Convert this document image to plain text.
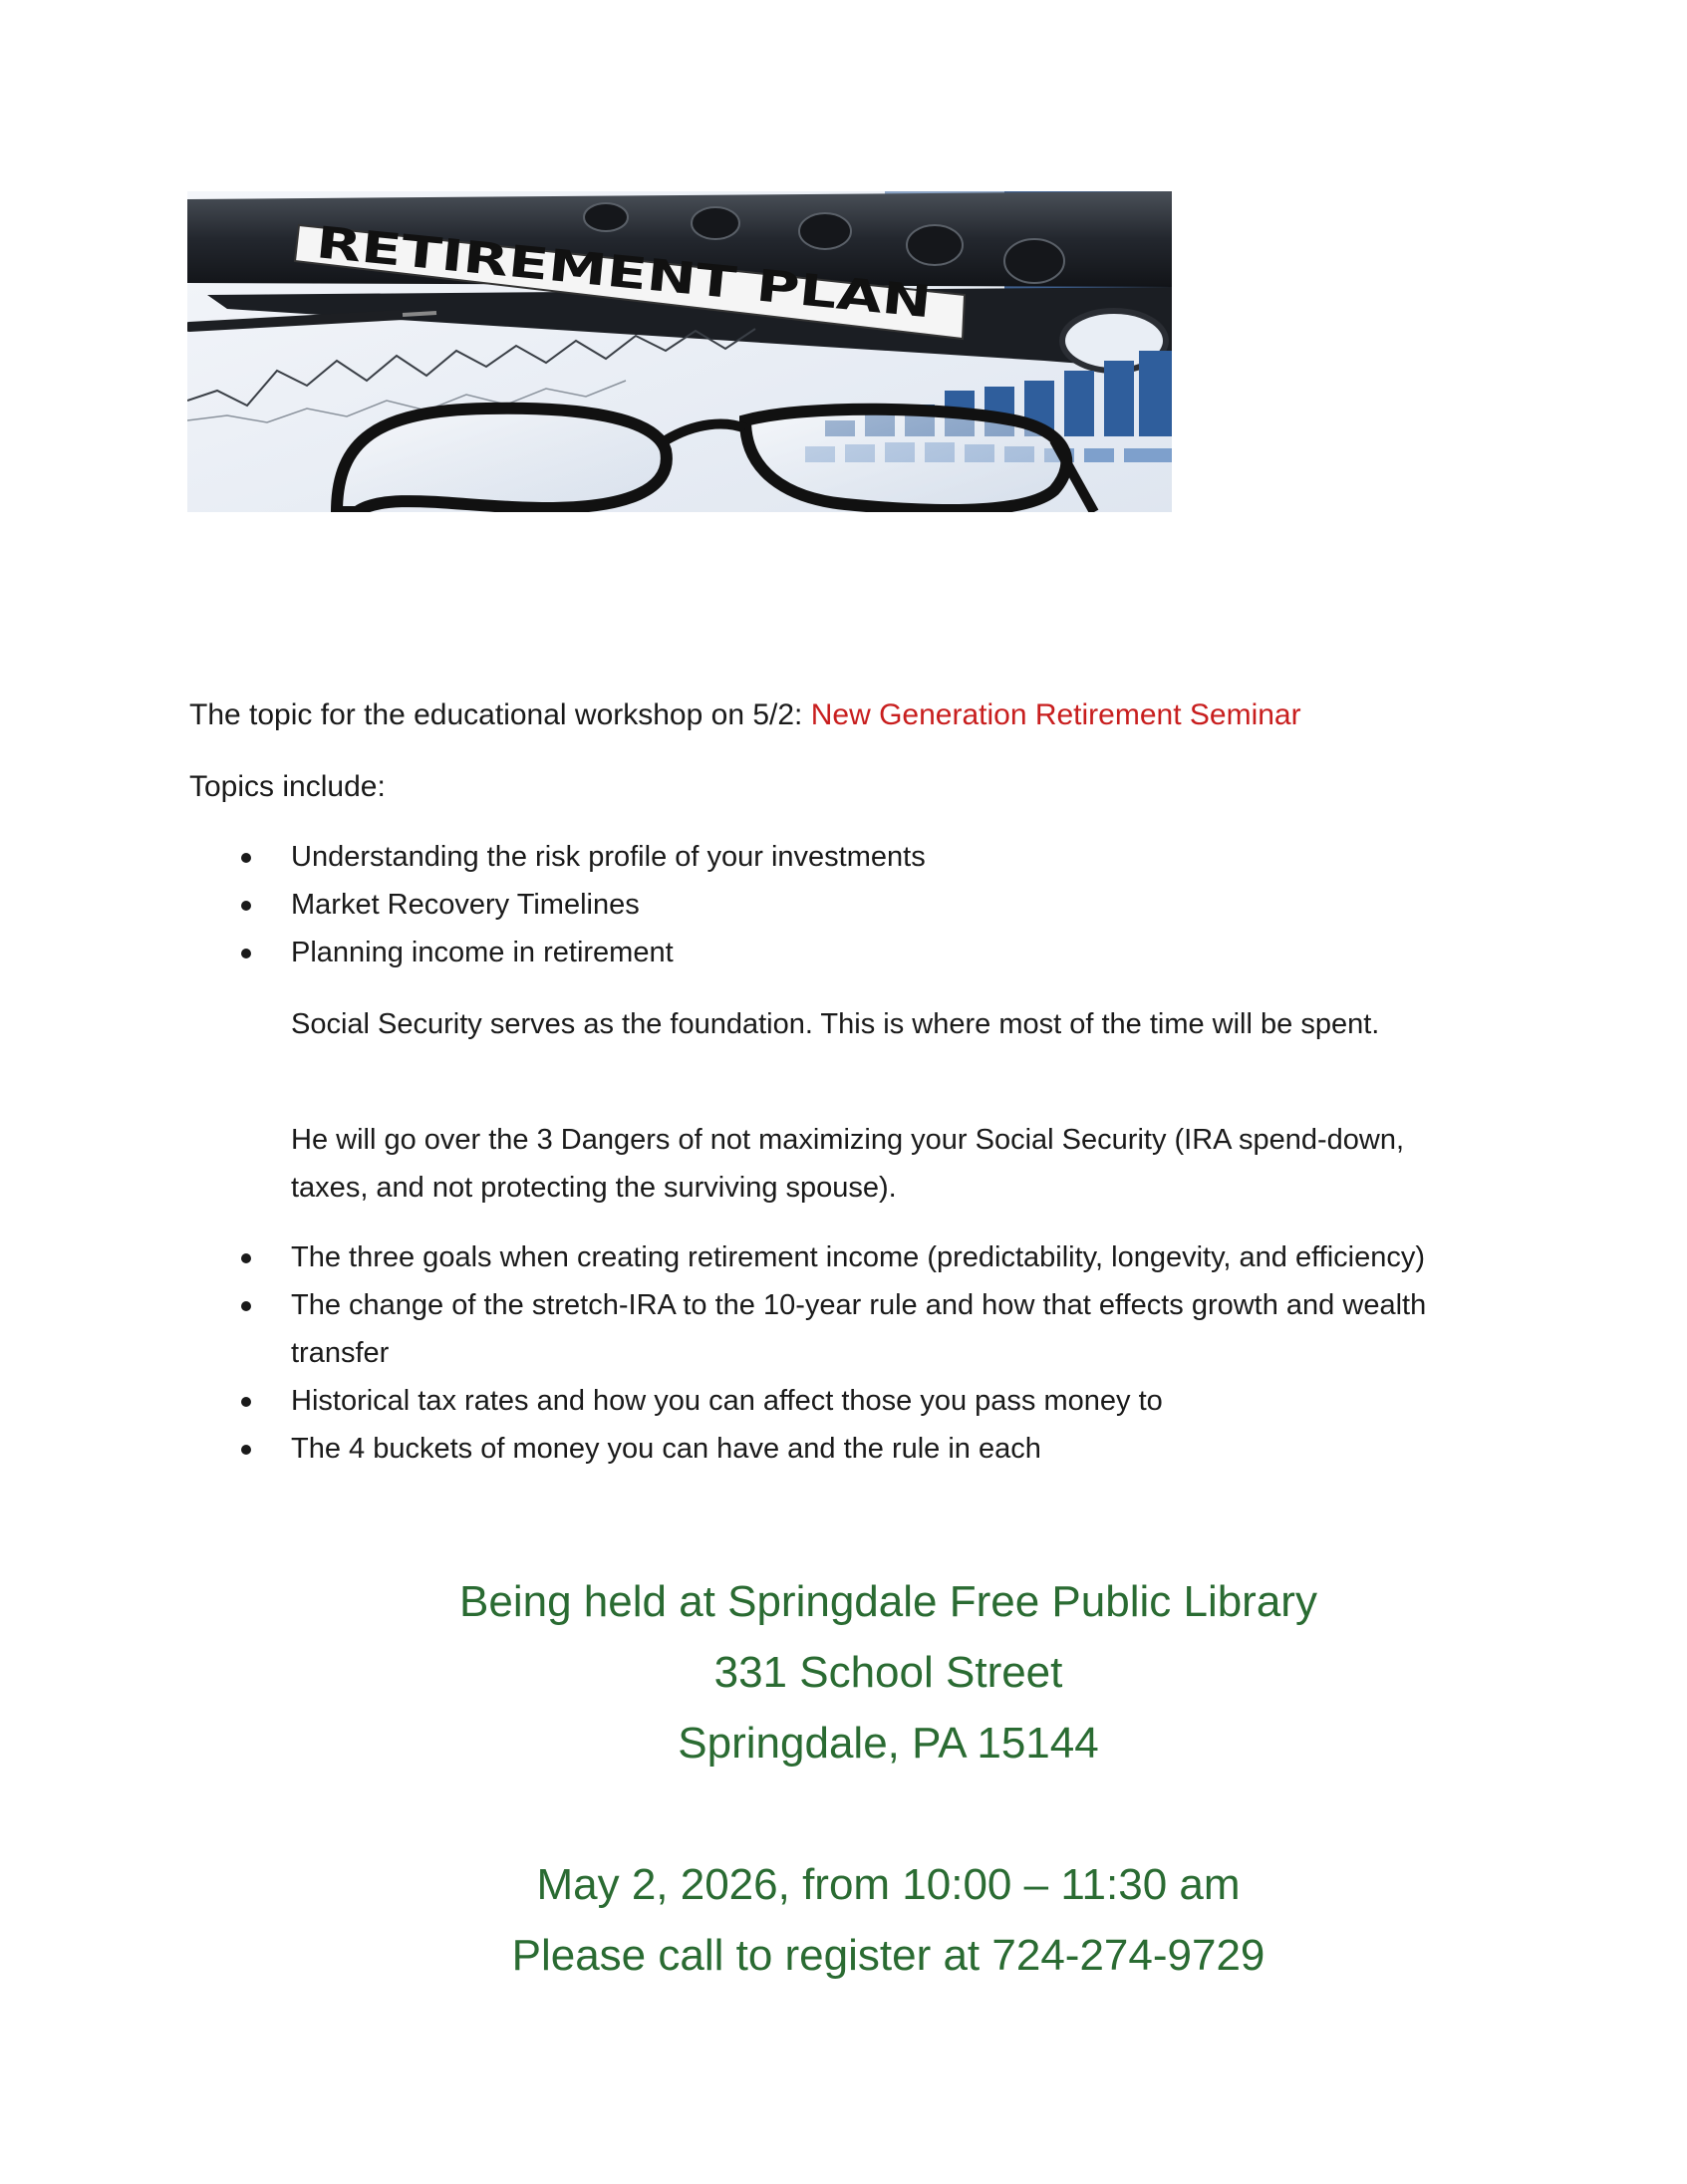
RETIREMENT PLAN
The topic for the educational workshop on 5/2: New Generation Retirement Seminar
Topics include:
Understanding the risk profile of your investments
Market Recovery Timelines
Planning income in retirement
Social Security serves as the foundation. This is where most of the time will be spent.
He will go over the 3 Dangers of not maximizing your Social Security (IRA spend-down, taxes, and not protecting the surviving spouse).
The three goals when creating retirement income (predictability, longevity, and efficiency)
The change of the stretch-IRA to the 10-year rule and how that effects growth and wealth transfer
Historical tax rates and how you can affect those you pass money to
The 4 buckets of money you can have and the rule in each
Being held at Springdale Free Public Library
331 School Street
Springdale, PA 15144
May 2, 2026, from 10:00 – 11:30 am
Please call to register at 724-274-9729
